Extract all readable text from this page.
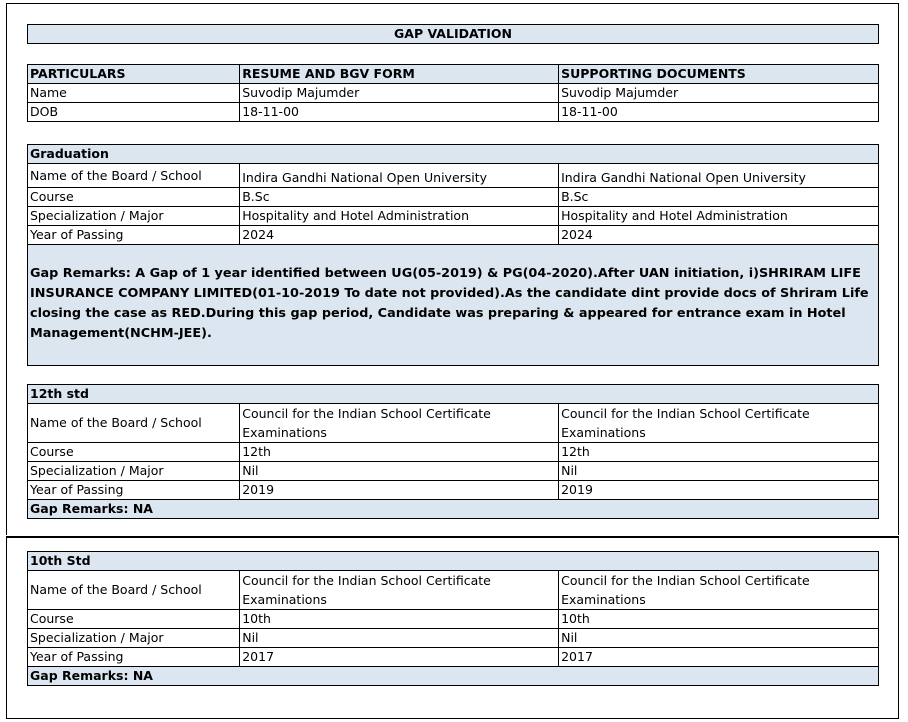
GAP VALIDATION
PARTICULARS	RESUME AND BGV FORM	SUPPORTING DOCUMENTS
Name	Suvodip Majumder	Suvodip Majumder
DOB	18-11-00	18-11-00
Graduation		
Name of the Board / School	Indira Gandhi National Open University	Indira Gandhi National Open University
Course	B.Sc	B.Sc
Specialization / Major	Hospitality and Hotel Administration	Hospitality and Hotel Administration
Year of Passing	2024	2024
Gap Remarks: A Gap of 1 year identified between UG(05-2019) & PG(04-2020).After UAN initiation, i)SHRIRAM LIFE INSURANCE COMPANY LIMITED(01-10-2019 To date not provided).As the candidate dint provide docs of Shriram Life closing the case as RED.During this gap period, Candidate was preparing & appeared for entrance exam in Hotel Management(NCHM-JEE).		
12th std		
Name of the Board / School	Council for the Indian School Certificate Examinations	Council for the Indian School Certificate Examinations
Course	12th	12th
Specialization / Major	Nil	Nil
Year of Passing	2019	2019
Gap Remarks: NA		
10th Std		
Name of the Board / School	Council for the Indian School Certificate Examinations	Council for the Indian School Certificate Examinations
Course	10th	10th
Specialization / Major	Nil	Nil
Year of Passing	2017	2017
Gap Remarks: NA		
